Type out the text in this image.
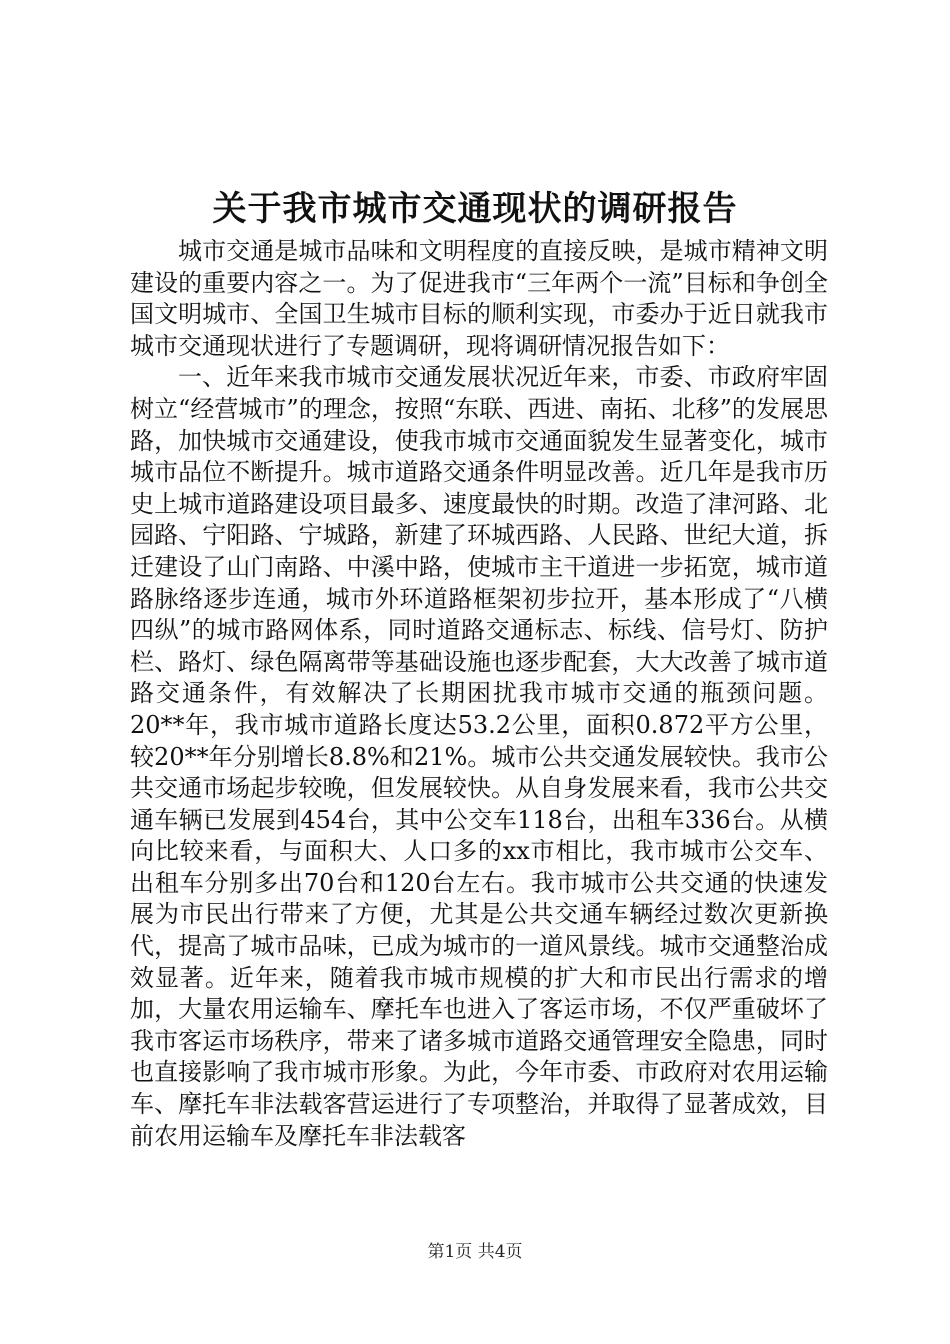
关于我市城市交通现状的调研报告

城市交通是城市品味和文明程度的直接反映，是城市精神文明建设的重要内容之一。为了促进我市“三年两个一流”目标和争创全国文明城市、全国卫生城市目标的顺利实现，市委办于近日就我市城市交通现状进行了专题调研，现将调研情况报告如下：

一、近年来我市城市交通发展状况近年来，市委、市政府牢固树立“经营城市”的理念，按照“东联、西进、南拓、北移”的发展思路，加快城市交通建设，使我市城市交通面貌发生显著变化，城市城市品位不断提升。城市道路交通条件明显改善。近几年是我市历史上城市道路建设项目最多、速度最快的时期。改造了津河路、北园路、宁阳路、宁城路，新建了环城西路、人民路、世纪大道，拆迁建设了山门南路、中溪中路，使城市主干道进一步拓宽，城市道路脉络逐步连通，城市外环道路框架初步拉开，基本形成了“八横四纵”的城市路网体系，同时道路交通标志、标线、信号灯、防护栏、路灯、绿色隔离带等基础设施也逐步配套，大大改善了城市道路交通条件，有效解决了长期困扰我市城市交通的瓶颈问题。20**年，我市城市道路长度达53.2公里，面积0.872平方公里，较20**年分别增长8.8%和21%。城市公共交通发展较快。我市公共交通市场起步较晚，但发展较快。从自身发展来看，我市公共交通车辆已发展到454台，其中公交车118台，出租车336台。从横向比较来看，与面积大、人口多的xx市相比，我市城市公交车、出租车分别多出70台和120台左右。我市城市公共交通的快速发展为市民出行带来了方便，尤其是公共交通车辆经过数次更新换代，提高了城市品味，已成为城市的一道风景线。城市交通整治成效显著。近年来，随着我市城市规模的扩大和市民出行需求的增加，大量农用运输车、摩托车也进入了客运市场，不仅严重破坏了我市客运市场秩序，带来了诸多城市道路交通管理安全隐患，同时也直接影响了我市城市形象。为此，今年市委、市政府对农用运输车、摩托车非法载客营运进行了专项整治，并取得了显著成效，目前农用运输车及摩托车非法载客

第1页 共4页
